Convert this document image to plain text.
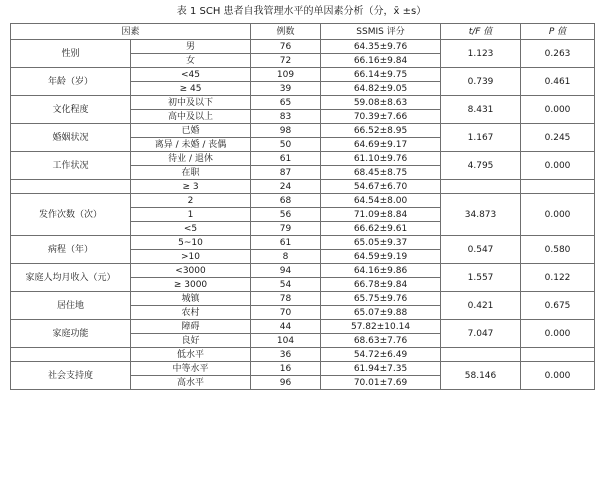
表 1 SCH 患者自我管理水平的单因素分析（分，x̄ ±s）
因素		例数	SSMIS 评分	t/F 值	P 值
性别	男	76	64.35±9.76	1.123	0.263
	女	72	66.16±9.84		
年龄（岁）	<45	109	66.14±9.75	0.739	0.461
	≥ 45	39	64.82±9.05		
文化程度	初中及以下	65	59.08±8.63	8.431	0.000
	高中及以上	83	70.39±7.66		
婚姻状况	已婚	98	66.52±8.95	1.167	0.245
	离异 / 未婚 / 丧偶	50	64.69±9.17		
工作状况	待业 / 退休	61	61.10±9.76	4.795	0.000
	在职	87	68.45±8.75		
	≥ 3	24	54.67±6.70		
发作次数（次）	2	68	64.54±8.00	34.873	0.000
	1	56	71.09±8.84		
	<5	79	66.62±9.61		
病程（年）	5~10	61	65.05±9.37	0.547	0.580
	>10	8	64.59±9.19		
家庭人均月收入（元）	<3000	94	64.16±9.86	1.557	0.122
	≥ 3000	54	66.78±9.84		
居住地	城镇	78	65.75±9.76	0.421	0.675
	农村	70	65.07±9.88		
家庭功能	障碍	44	57.82±10.14	7.047	0.000
	良好	104	68.63±7.76		
	低水平	36	54.72±6.49		
社会支持度	中等水平	16	61.94±7.35	58.146	0.000
	高水平	96	70.01±7.69		
